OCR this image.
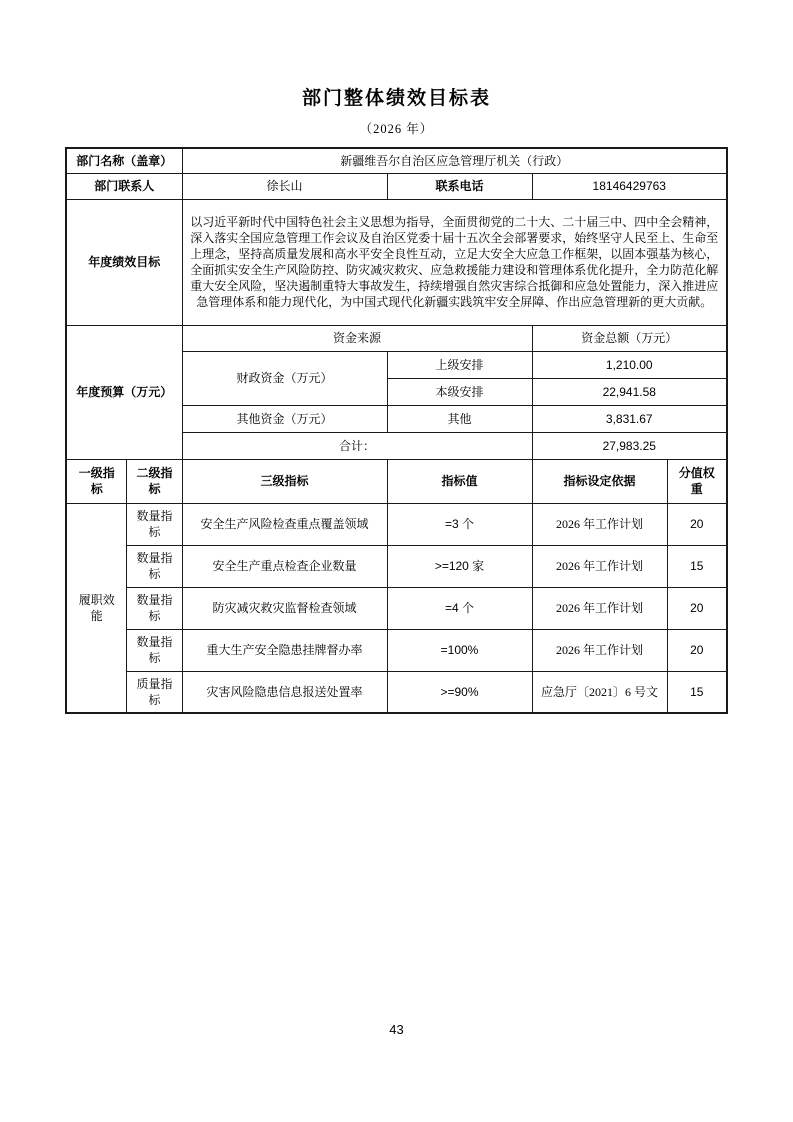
部门整体绩效目标表
（2026 年）
部门名称（盖章）		新疆维吾尔自治区应急管理厅机关（行政）			
部门联系人		徐长山	联系电话	18146429763	
年度绩效目标		以习近平新时代中国特色社会主义思想为指导，全面贯彻党的二十大、二十届三中、四中全会精神，深入落实全国应急管理工作会议及自治区党委十届十五次全会部署要求，始终坚守人民至上、生命至上理念，坚持高质量发展和高水平安全良性互动，立足大安全大应急工作框架，以固本强基为核心，全面抓实安全生产风险防控、防灾减灾救灾、应急救援能力建设和管理体系优化提升，全力防范化解重大安全风险，坚决遏制重特大事故发生，持续增强自然灾害综合抵御和应急处置能力，深入推进应急管理体系和能力现代化，为中国式现代化新疆实践筑牢安全屏障、作出应急管理新的更大贡献。			
年度预算（万元）		资金来源		资金总额（万元）	
		财政资金（万元）	上级安排	1,210.00	
			本级安排	22,941.58	
		其他资金（万元）	其他	3,831.67	
		合计：		27,983.25	
一级指标	二级指标	三级指标	指标值	指标设定依据	分值权重
履职效能	数量指标	安全生产风险检查重点覆盖领域	=3 个	2026 年工作计划	20
	数量指标	安全生产重点检查企业数量	>=120 家	2026 年工作计划	15
	数量指标	防灾减灾救灾监督检查领域	=4 个	2026 年工作计划	20
	数量指标	重大生产安全隐患挂牌督办率	=100%	2026 年工作计划	20
	质量指标	灾害风险隐患信息报送处置率	>=90%	应急厅〔2021〕6 号文	15
43
